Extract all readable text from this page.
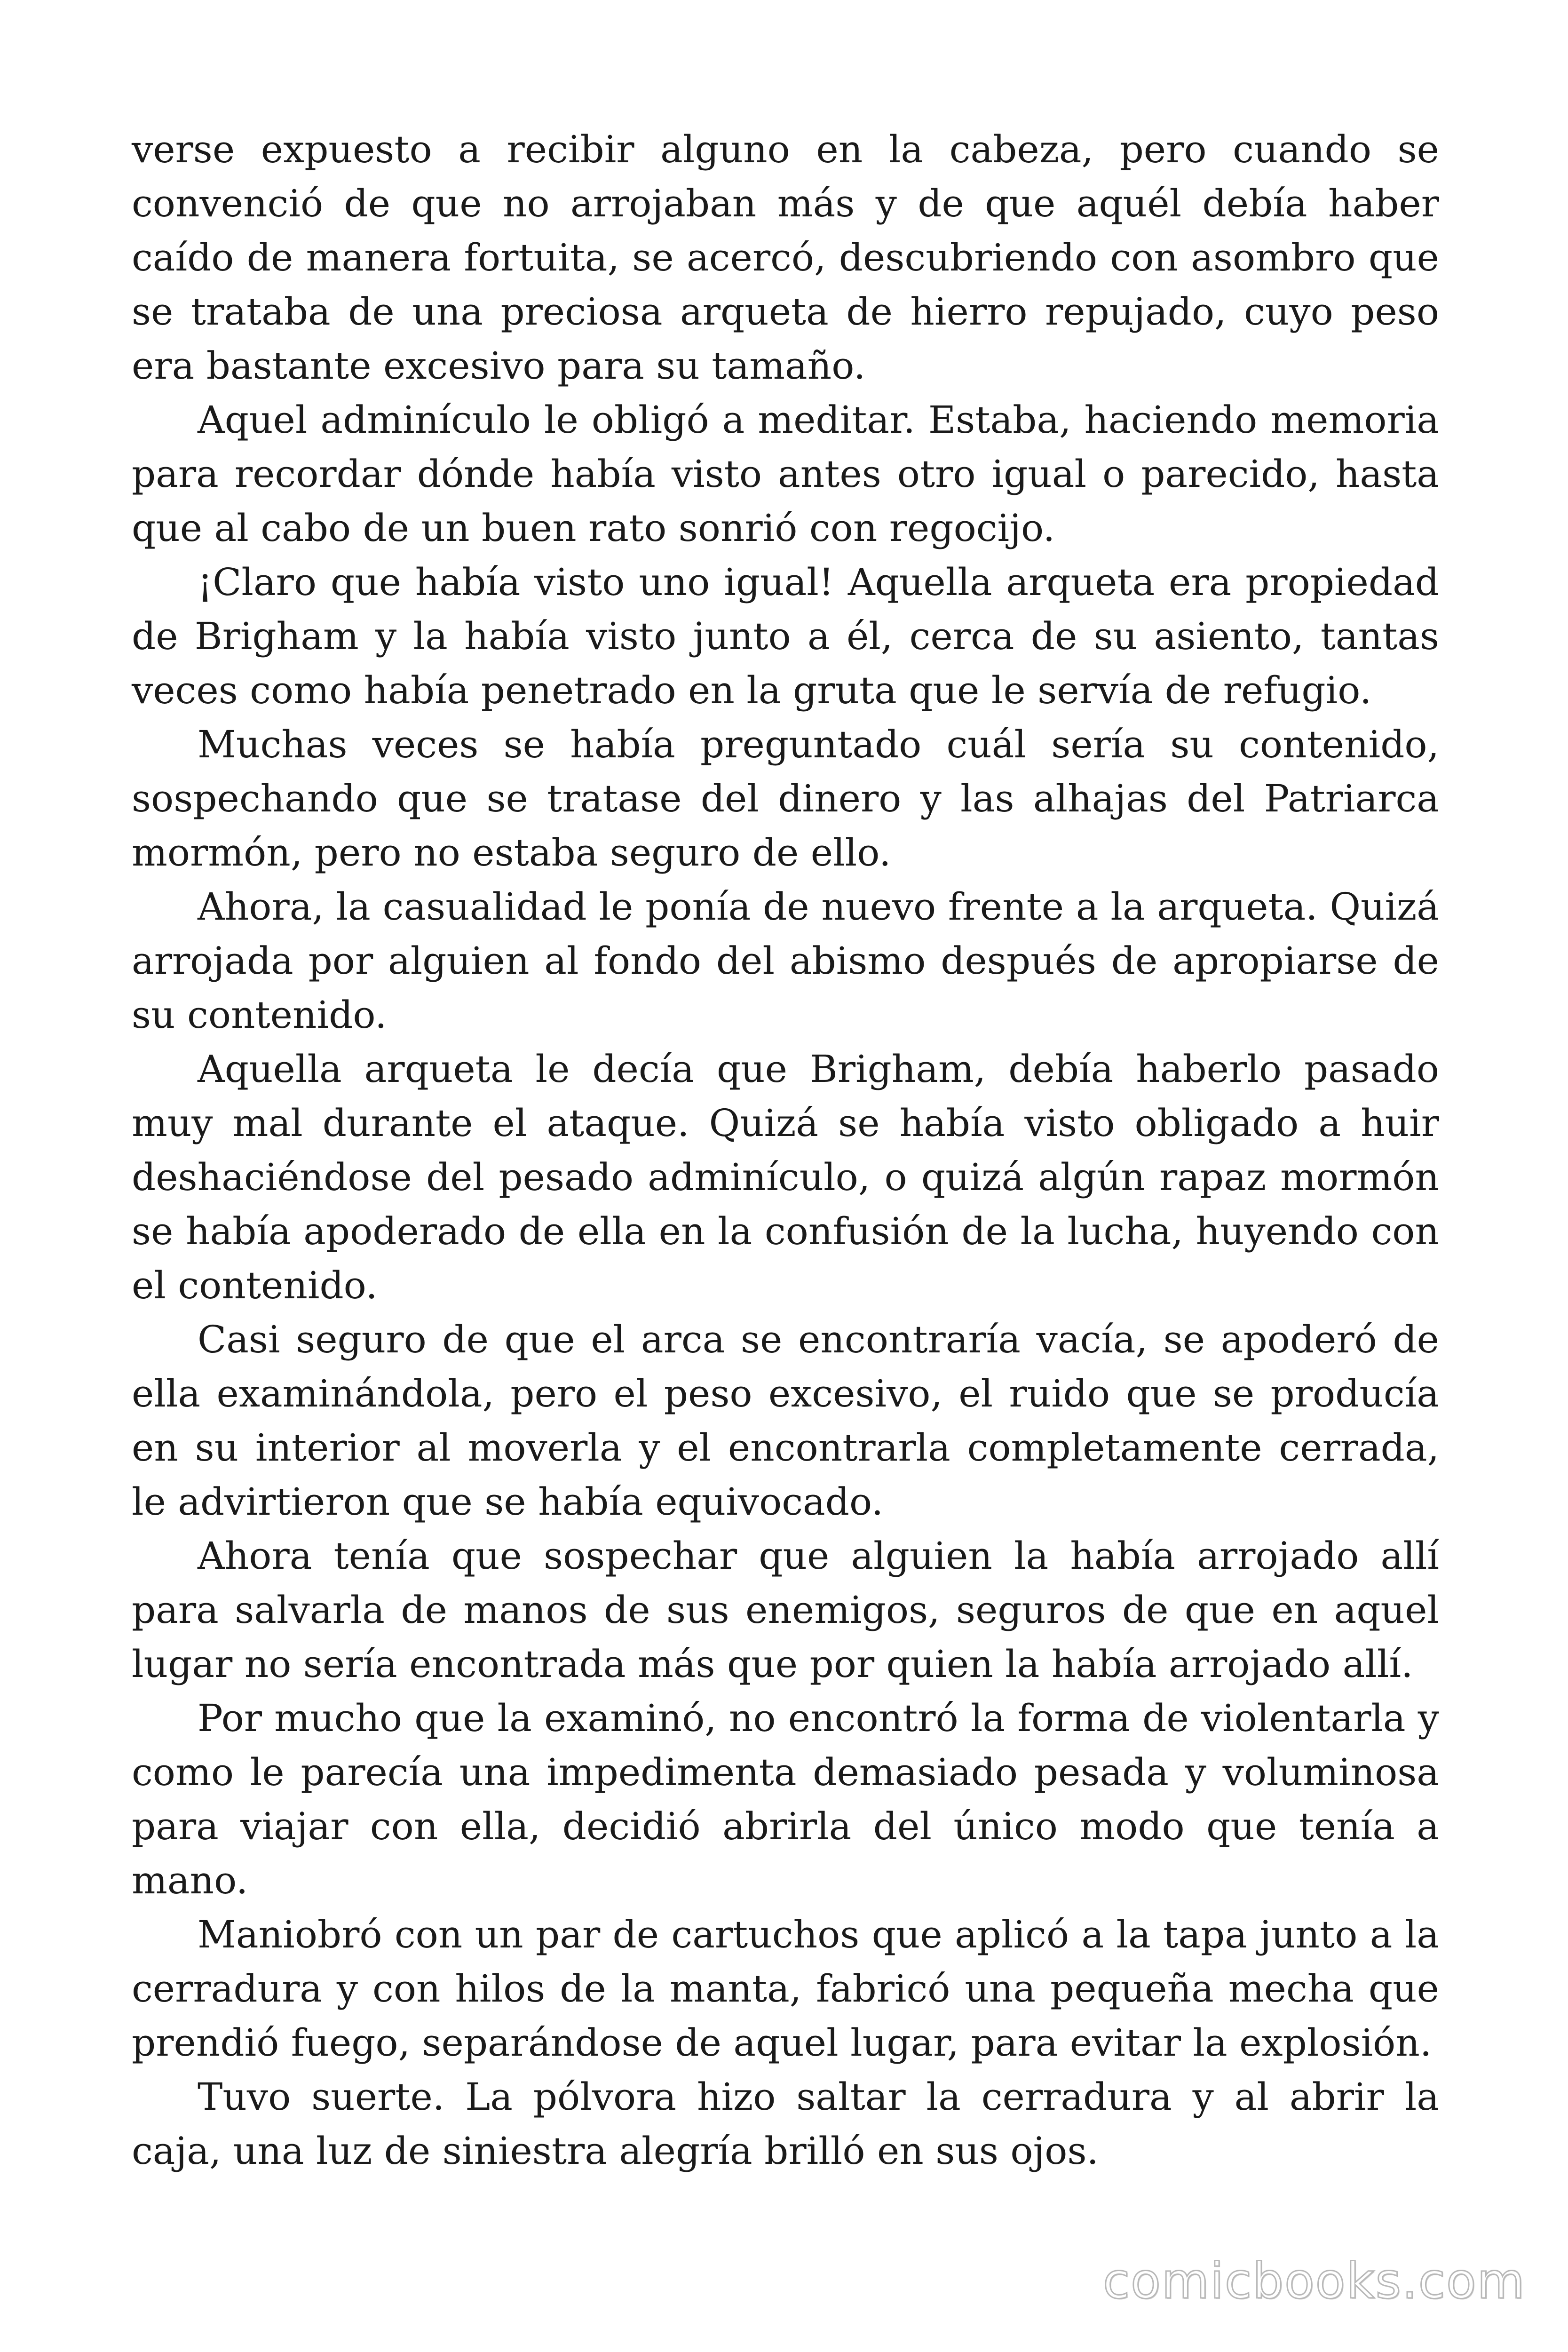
verse expuesto a recibir alguno en la cabeza, pero cuando se convenció de que no arrojaban más y de que aquél debía haber caído de manera fortuita, se acercó, descubriendo con asombro que se trataba de una preciosa arqueta de hierro repujado, cuyo peso era bastante excesivo para su tamaño.

Aquel adminículo le obligó a meditar. Estaba, haciendo memoria para recordar dónde había visto antes otro igual o parecido, hasta que al cabo de un buen rato sonrió con regocijo.

¡Claro que había visto uno igual! Aquella arqueta era propiedad de Brigham y la había visto junto a él, cerca de su asiento, tantas veces como había penetrado en la gruta que le servía de refugio.

Muchas veces se había preguntado cuál sería su contenido, sospechando que se tratase del dinero y las alhajas del Patriarca mormón, pero no estaba seguro de ello.

Ahora, la casualidad le ponía de nuevo frente a la arqueta. Quizá arrojada por alguien al fondo del abismo después de apropiarse de su contenido.

Aquella arqueta le decía que Brigham, debía haberlo pasado muy mal durante el ataque. Quizá se había visto obligado a huir deshaciéndose del pesado adminículo, o quizá algún rapaz mormón se había apoderado de ella en la confusión de la lucha, huyendo con el contenido.

Casi seguro de que el arca se encontraría vacía, se apoderó de ella examinándola, pero el peso excesivo, el ruido que se producía en su interior al moverla y el encontrarla completamente cerrada, le advirtieron que se había equivocado.

Ahora tenía que sospechar que alguien la había arrojado allí para salvarla de manos de sus enemigos, seguros de que en aquel lugar no sería encontrada más que por quien la había arrojado allí.

Por mucho que la examinó, no encontró la forma de violentarla y como le parecía una impedimenta demasiado pesada y voluminosa para viajar con ella, decidió abrirla del único modo que tenía a mano.

Maniobró con un par de cartuchos que aplicó a la tapa junto a la cerradura y con hilos de la manta, fabricó una pequeña mecha que prendió fuego, separándose de aquel lugar, para evitar la explosión.

Tuvo suerte. La pólvora hizo saltar la cerradura y al abrir la caja, una luz de siniestra alegría brilló en sus ojos.

comicbooks.com
